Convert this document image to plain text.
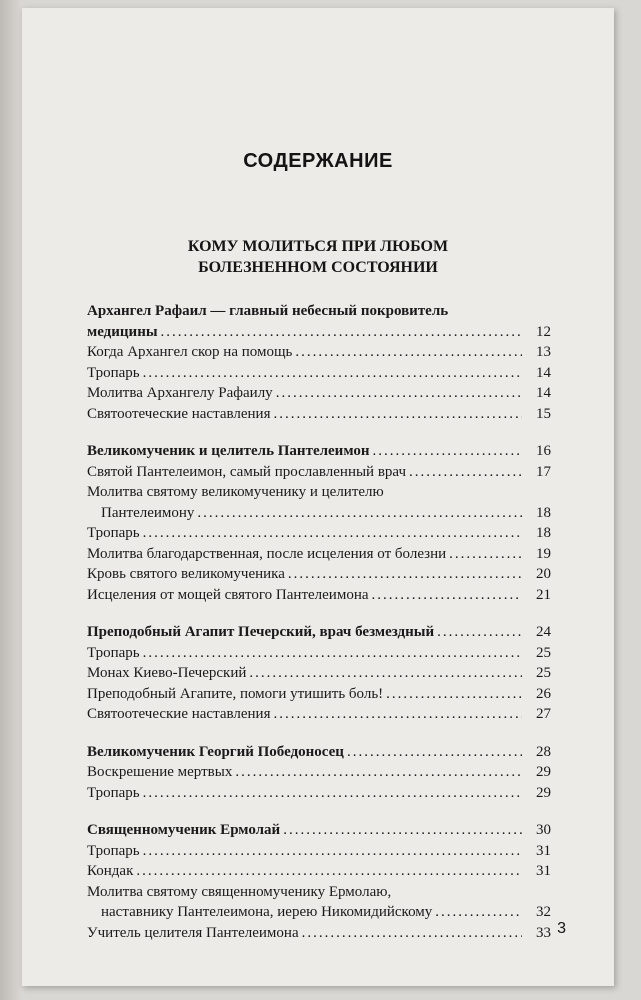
СОДЕРЖАНИЕ
КОМУ МОЛИТЬСЯ ПРИ ЛЮБОМ
БОЛЕЗНЕННОМ СОСТОЯНИИ
Архангел Рафаил — главный небесный покровитель
медицины .....	12
Когда Архангел скор на помощь .....	13
Тропарь .....	14
Молитва Архангелу Рафаилу .....	14
Святоотеческие наставления .....	15
Великомученик и целитель Пантелеимон .....	16
Святой Пантелеимон, самый прославленный врач .....	17
Молитва святому великомученику и целителю
Пантелеимону .....	18
Тропарь .....	18
Молитва благодарственная, после исцеления от болезни .....	19
Кровь святого великомученика .....	20
Исцеления от мощей святого Пантелеимона .....	21
Преподобный Агапит Печерский, врач безмездный .....	24
Тропарь .....	25
Монах Киево-Печерский .....	25
Преподобный Агапите, помоги утишить боль! .....	26
Святоотеческие наставления .....	27
Великомученик Георгий Победоносец .....	28
Воскрешение мертвых .....	29
Тропарь .....	29
Священномученик Ермолай .....	30
Тропарь .....	31
Кондак .....	31
Молитва святому священномученику Ермолаю,
наставнику Пантелеимона, иерею Никомидийскому .....	32
Учитель целителя Пантелеимона .....	33 3
